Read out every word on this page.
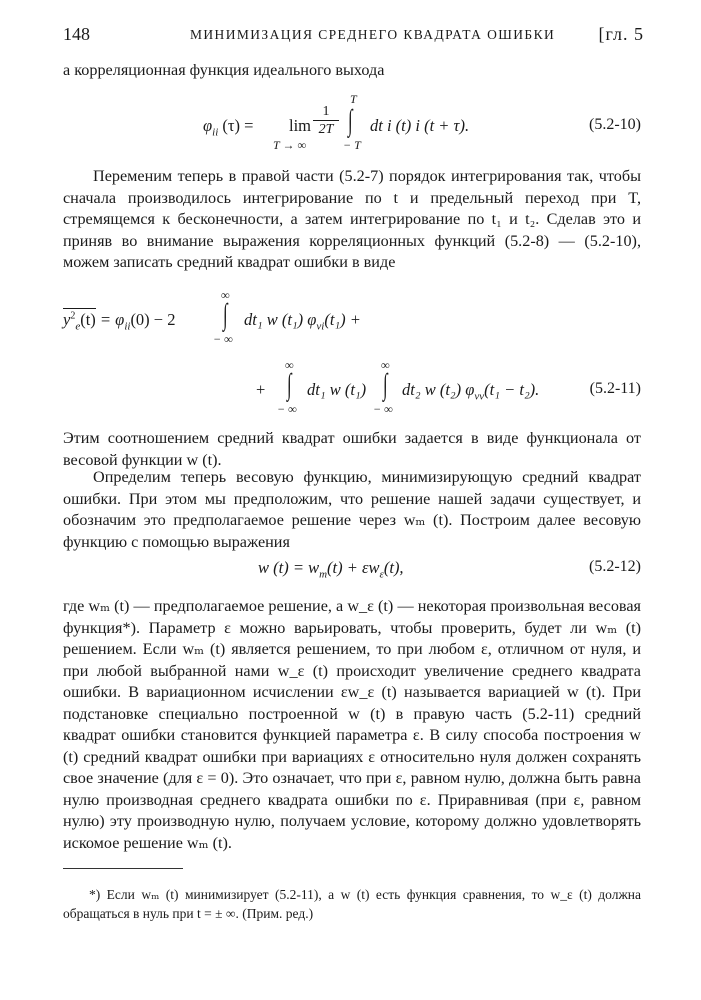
148	МИНИМИЗАЦИЯ СРЕДНЕГО КВАДРАТА ОШИБКИ [гл. 5
а корреляционная функция идеального выхода
$\varphi_{ii}$ (τ) = lim
T → ∞
1
2T
T
∫
− T
dt i (t) i (t + τ).	(5.2-10)
Переменим теперь в правой части (5.2-7) порядок интегрирования так, чтобы сначала производилось интегрирование по t и предельный переход при T, стремящемся к бесконечности, а затем интегрирование по t₁ и t₂. Сделав это и приняв во внимание выражения корреляционных функций (5.2-8) — (5.2-10), можем записать средний квадрат ошибки в виде
$y^2_e(t) = \varphi_{ii}(0) - 2$
∞
∫
− ∞
dt₁ w (t₁) $\varphi_{vi}(t_1)$ +
+
∞
∫
− ∞
dt₁ w (t₁)
∞
∫
− ∞
dt₂ w (t₂) $\varphi_{vv}(t_1 - t_2)$.	(5.2-11)
Этим соотношением средний квадрат ошибки задается в виде функционала от весовой функции w (t).
Определим теперь весовую функцию, минимизирующую средний квадрат ошибки. При этом мы предположим, что решение нашей задачи существует, и обозначим это предполагаемое решение через wₘ (t). Построим далее весовую функцию с помощью выражения
w $(t) = w_m(t) + \varepsilon w_\varepsilon(t)$,	(5.2-12)
где wₘ (t) — предполагаемое решение, а w_ε (t) — некоторая произвольная весовая функция*). Параметр ε можно варьировать, чтобы проверить, будет ли wₘ (t) решением. Если wₘ (t) является решением, то при любом ε, отличном от нуля, и при любой выбранной нами w_ε (t) происходит увеличение среднего квадрата ошибки. В вариационном исчислении εw_ε (t) называется вариацией w (t). При подстановке специально построенной w (t) в правую часть (5.2-11) средний квадрат ошибки становится функцией параметра ε. В силу способа построения w (t) средний квадрат ошибки при вариациях ε относительно нуля должен сохранять свое значение (для ε = 0). Это означает, что при ε, равном нулю, должна быть равна нулю производная среднего квадрата ошибки по ε. Приравнивая (при ε, равном нулю) эту производную нулю, получаем условие, которому должно удовлетворять искомое решение wₘ (t).
*) Если wₘ (t) минимизирует (5.2-11), а w (t) есть функция сравнения, то w_ε (t) должна обращаться в нуль при t = ± ∞. (Прим. ред.)
